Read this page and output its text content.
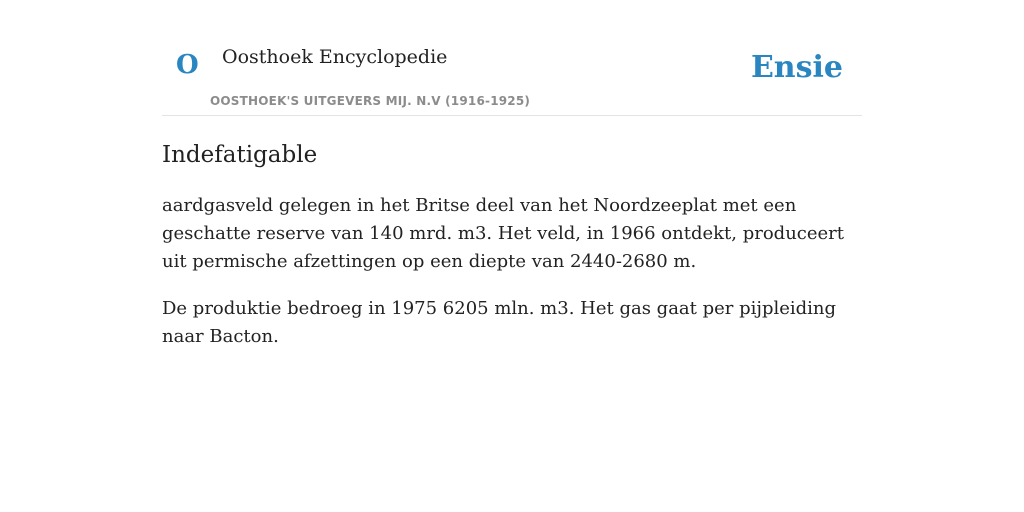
O Oosthoek Encyclopedie
OOSTHOEK'S UITGEVERS MIJ. N.V (1916-1925)
Ensie
Indefatigable

aardgasveld gelegen in het Britse deel van het Noordzeeplat met een geschatte reserve van 140 mrd. m3. Het veld, in 1966 ontdekt, produceert uit permische afzettingen op een diepte van 2440-2680 m.

De produktie bedroeg in 1975 6205 mln. m3. Het gas gaat per pijpleiding naar Bacton.
